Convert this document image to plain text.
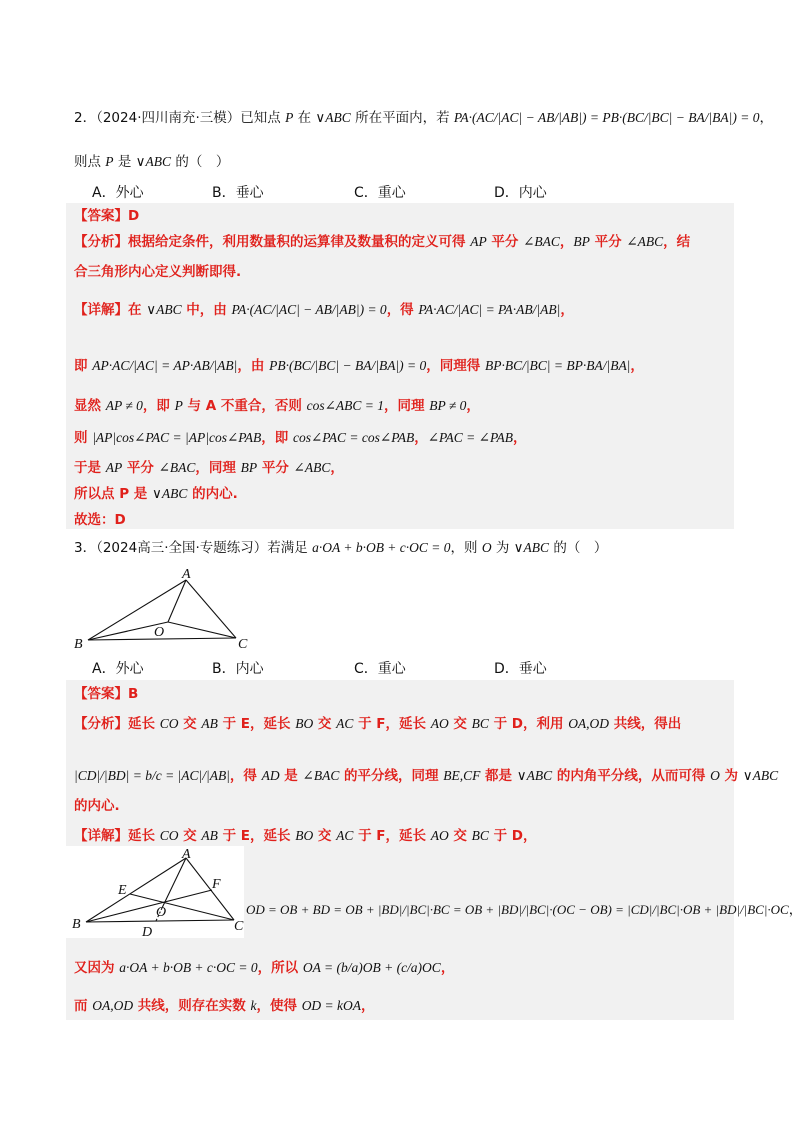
2．（2024·四川南充·三模）已知点 P 在 ∨ABC 所在平面内，若 PA·(AC/|AC| − AB/|AB|) = PB·(BC/|BC| − BA/|BA|) = 0，
则点 P 是 ∨ABC 的（　）
A．外心	B．垂心	C．重心	D．内心
【答案】D
【分析】根据给定条件，利用数量积的运算律及数量积的定义可得 AP 平分 ∠BAC，BP 平分 ∠ABC，结
合三角形内心定义判断即得.
【详解】在 ∨ABC 中，由 PA·(AC/|AC| − AB/|AB|) = 0，得 PA·AC/|AC| = PA·AB/|AB|，
即 AP·AC/|AC| = AP·AB/|AB|，由 PB·(BC/|BC| − BA/|BA|) = 0，同理得 BP·BC/|BC| = BP·BA/|BA|，
显然 AP ≠ 0，即 P 与 A 不重合，否则 cos∠ABC = 1，同理 BP ≠ 0，
则 |AP|cos∠PAC = |AP|cos∠PAB，即 cos∠PAC = cos∠PAB，∠PAC = ∠PAB，
于是 AP 平分 ∠BAC，同理 BP 平分 ∠ABC，
所以点 P 是 ∨ABC 的内心.
故选：D
3．（2024高三·全国·专题练习）若满足 a·OA + b·OB + c·OC = 0，则 O 为 ∨ABC 的（　）
A
B	C
O
A．外心	B．内心	C．重心	D．垂心
【答案】B
【分析】延长 CO 交 AB 于 E，延长 BO 交 AC 于 F，延长 AO 交 BC 于 D，利用 OA,OD 共线，得出
|CD|/|BD| = b/c = |AC|/|AB|，得 AD 是 ∠BAC 的平分线，同理 BE,CF 都是 ∨ABC 的内角平分线，从而可得 O 为 ∨ABC
的内心.
【详解】延长 CO 交 AB 于 E，延长 BO 交 AC 于 F，延长 AO 交 BC 于 D，
A
B	C
O
D
E	F
OD = OB + BD = OB + |BD|/|BC|·BC = OB + |BD|/|BC|·(OC − OB) = |CD|/|BC|·OB + |BD|/|BC|·OC，
又因为 a·OA + b·OB + c·OC = 0，所以 OA = (b/a)OB + (c/a)OC，
而 OA,OD 共线，则存在实数 k，使得 OD = kOA，
